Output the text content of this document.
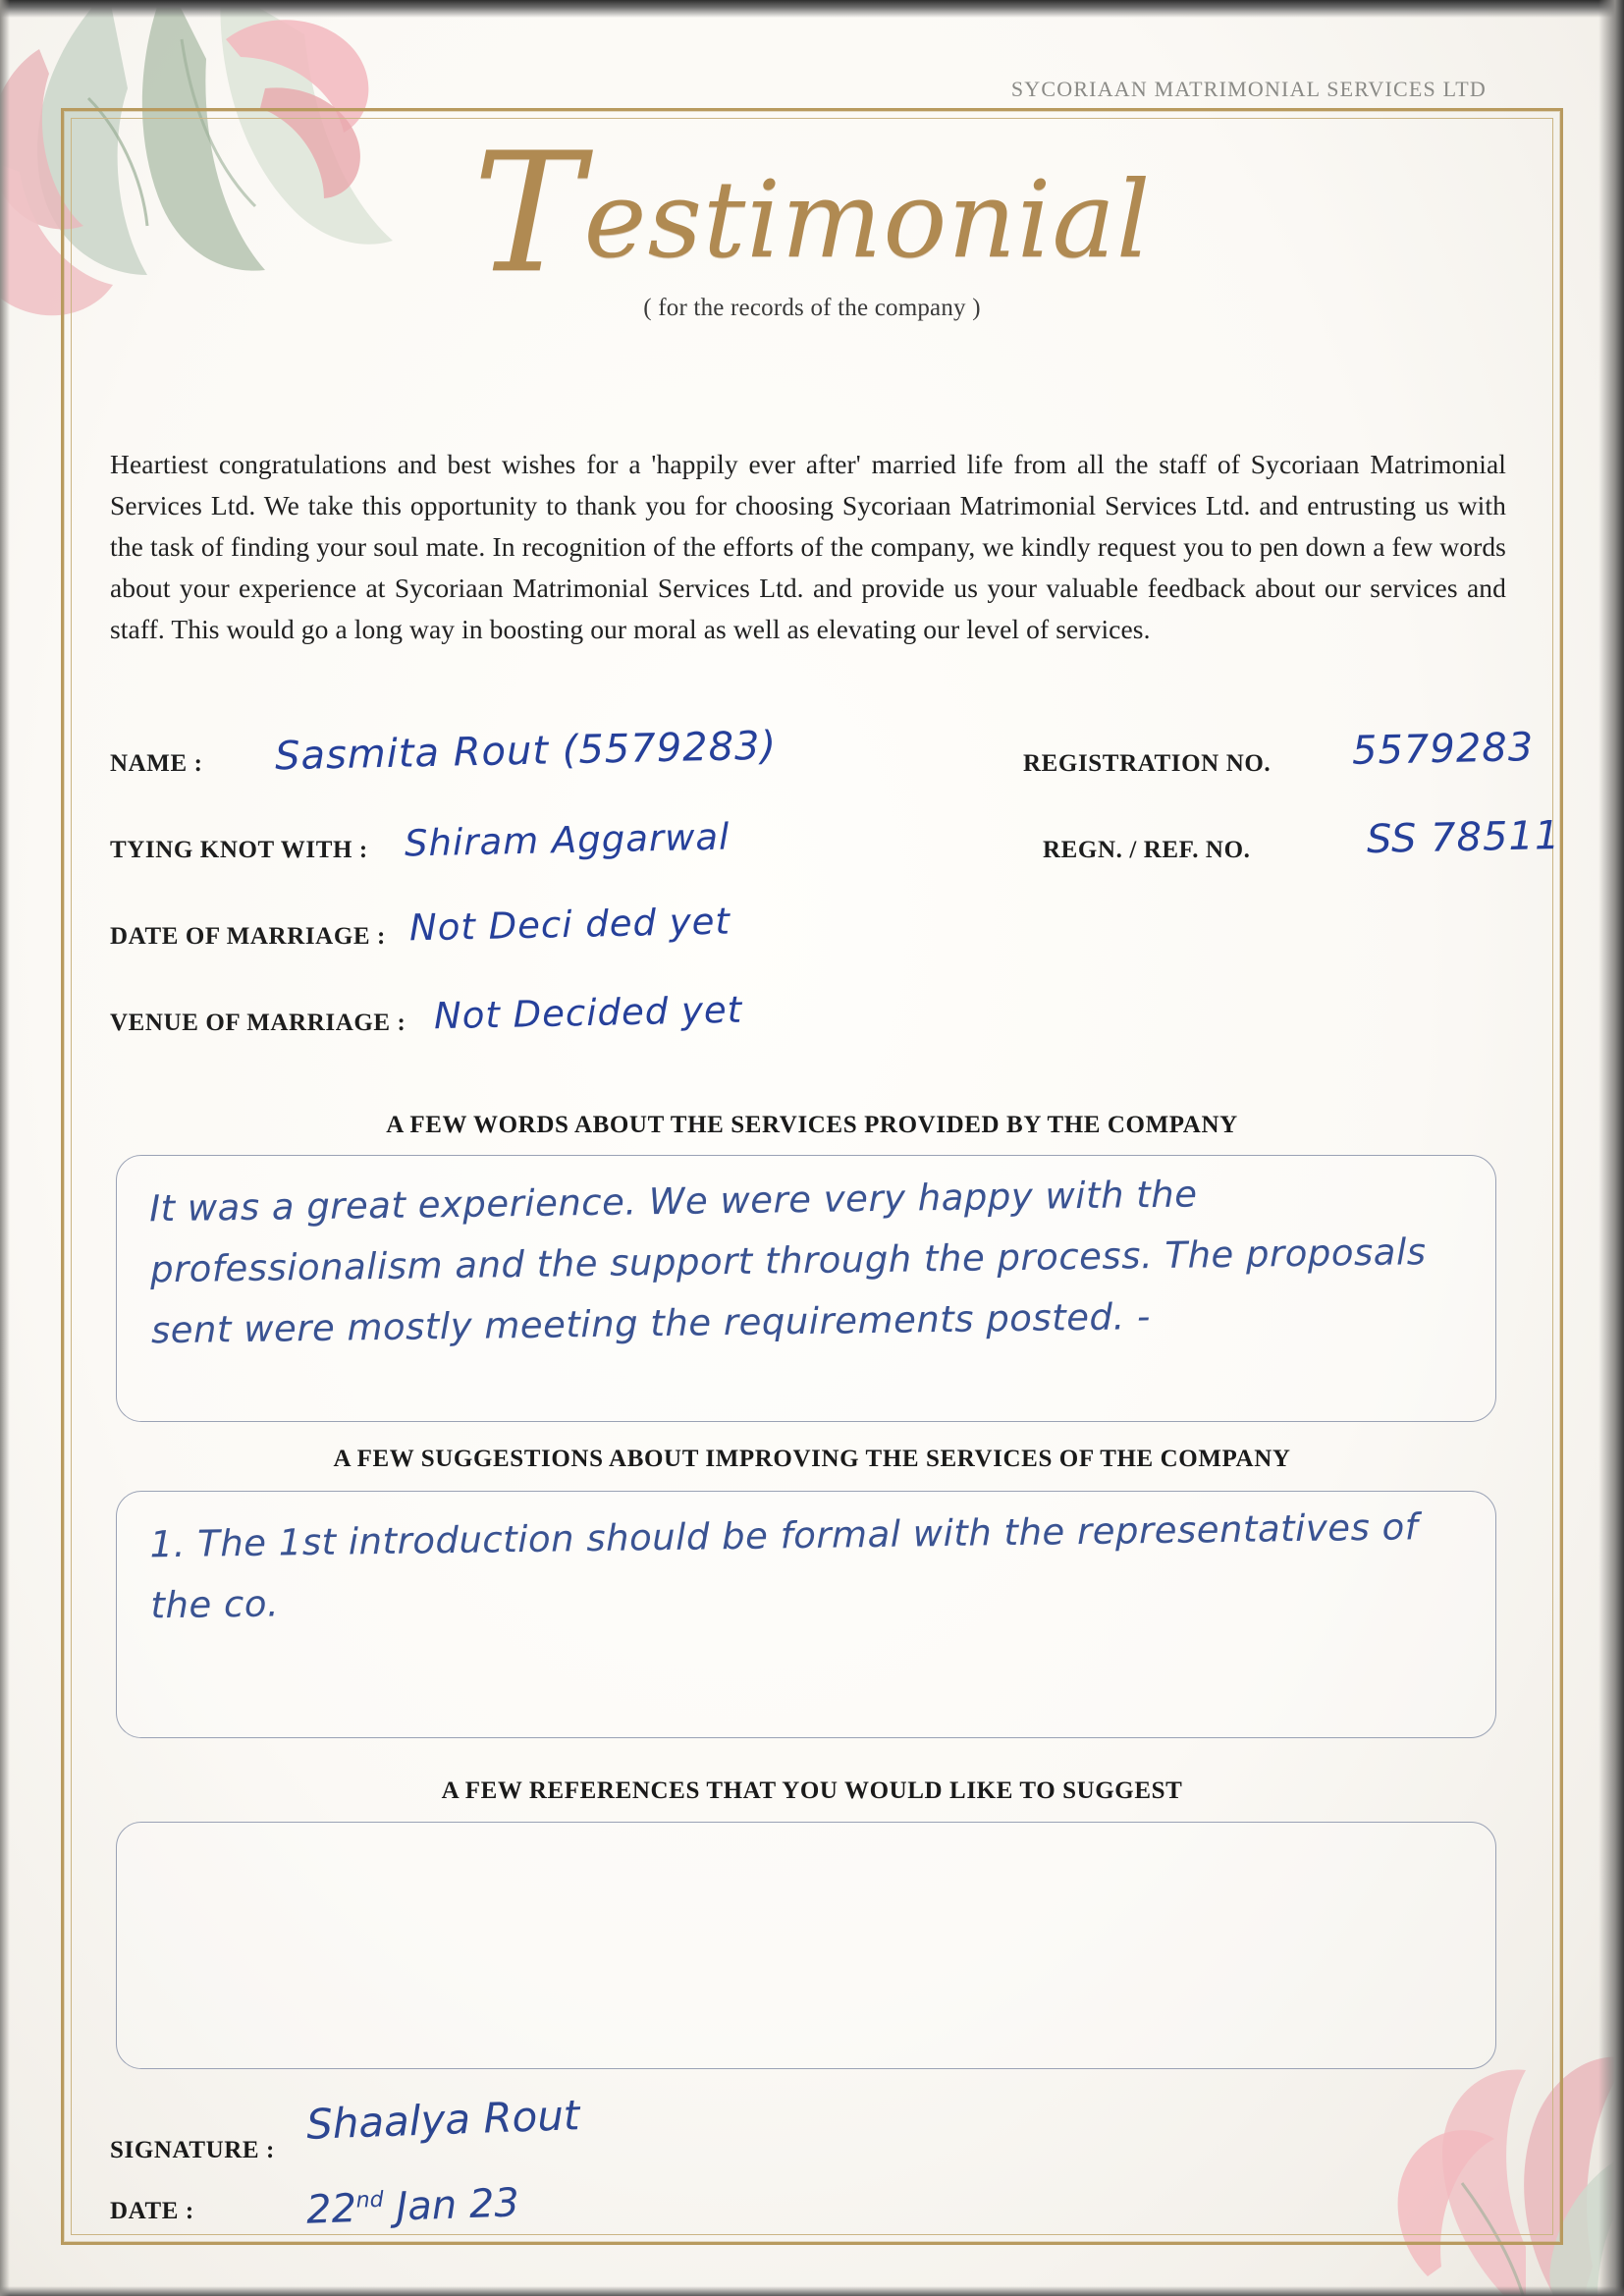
SYCORIAAN MATRIMONIAL SERVICES LTD
Testimonial
( for the records of the company )
Heartiest congratulations and best wishes for a 'happily ever after' married life from all the staff of Sycoriaan Matrimonial Services Ltd. We take this opportunity to thank you for choosing Sycoriaan Matrimonial Services Ltd. and entrusting us with the task of finding your soul mate. In recognition of the efforts of the company, we kindly request you to pen down a few words about your experience at Sycoriaan Matrimonial Services Ltd. and provide us your valuable feedback about our services and staff. This would go a long way in boosting our moral as well as elevating our level of services.
NAME : Sasmita Rout (5579283)	REGISTRATION NO. 5579283
TYING KNOT WITH : Shiram Aggarwal	REGN. / REF. NO.	SS 78511
DATE OF MARRIAGE : Not Deci ded yet
VENUE OF MARRIAGE : Not Decided yet
A FEW WORDS ABOUT THE SERVICES PROVIDED BY THE COMPANY
It was a great experience. We were very happy with the professionalism and the support through the process. The proposals sent were mostly meeting the requirements posted. -
A FEW SUGGESTIONS ABOUT IMPROVING THE SERVICES OF THE COMPANY
1. The 1st introduction should be formal with the representatives of the co.
A FEW REFERENCES THAT YOU WOULD LIKE TO SUGGEST
SIGNATURE :
Shaalya Rout
DATE :	22nd Jan 23
